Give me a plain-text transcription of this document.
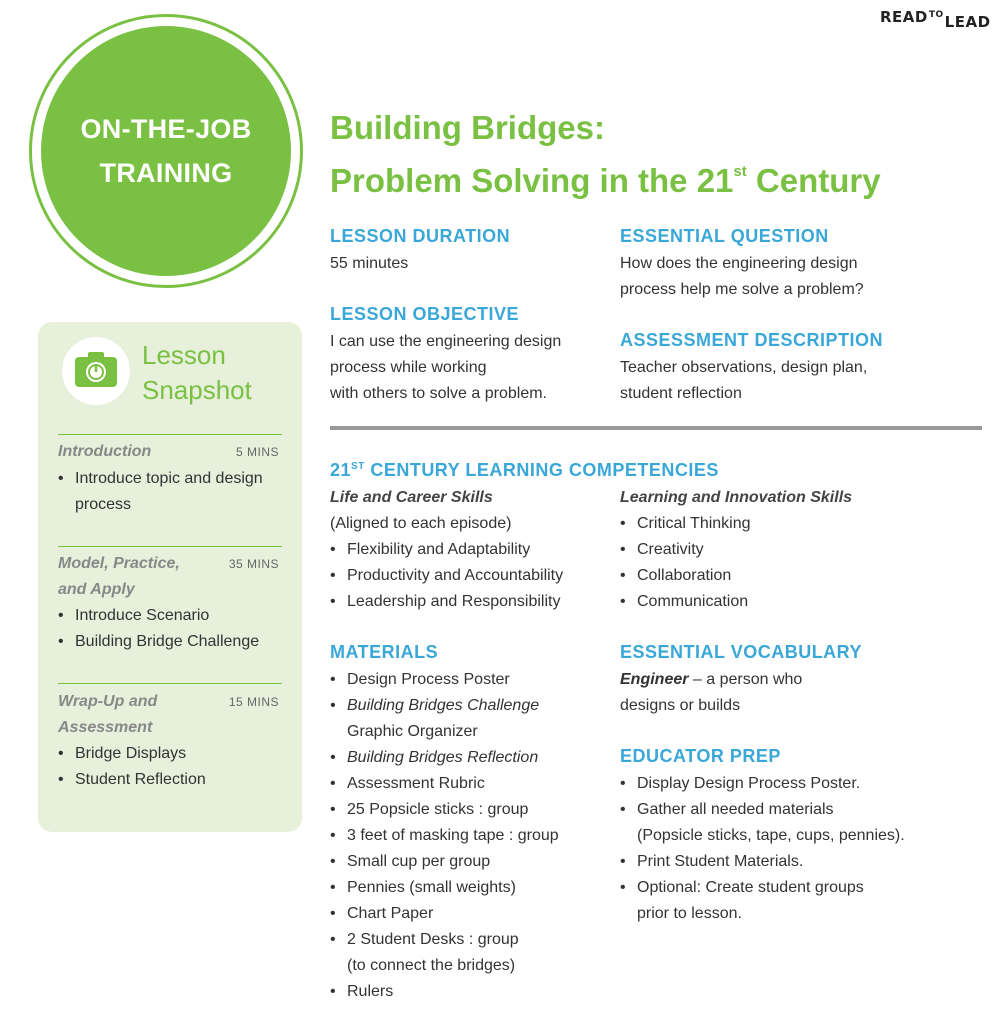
$READ^{TO}LEAD$
ON-THE-JOB
TRAINING
Building Bridges:
Problem Solving in the 21st Century
LESSON DURATION
55 minutes
LESSON OBJECTIVE
I can use the engineering design
process while working
with others to solve a problem.
ESSENTIAL QUESTION
How does the engineering design
process help me solve a problem?
ASSESSMENT DESCRIPTION
Teacher observations, design plan,
student reflection
21ST CENTURY LEARNING COMPETENCIES
Life and Career Skills
(Aligned to each episode)
• Flexibility and Adaptability
• Productivity and Accountability
• Leadership and Responsibility
Learning and Innovation Skills
• Critical Thinking
• Creativity
• Collaboration
• Communication
MATERIALS
• Design Process Poster
• Building Bridges Challenge
Graphic Organizer
• Building Bridges Reflection
• Assessment Rubric
• 25 Popsicle sticks : group
• 3 feet of masking tape : group
• Small cup per group
• Pennies (small weights)
• Chart Paper
• 2 Student Desks : group
(to connect the bridges)
• Rulers
ESSENTIAL VOCABULARY
Engineer – a person who
designs or builds
EDUCATOR PREP
• Display Design Process Poster.
• Gather all needed materials
(Popsicle sticks, tape, cups, pennies).
• Print Student Materials.
• Optional: Create student groups
prior to lesson.
Lesson
Snapshot
Introduction	5 MINS
• Introduce topic and design
process
Model, Practice,
and Apply
35 MINS
• Introduce Scenario
• Building Bridge Challenge
Wrap-Up and
Assessment
15 MINS
• Bridge Displays
• Student Reflection
